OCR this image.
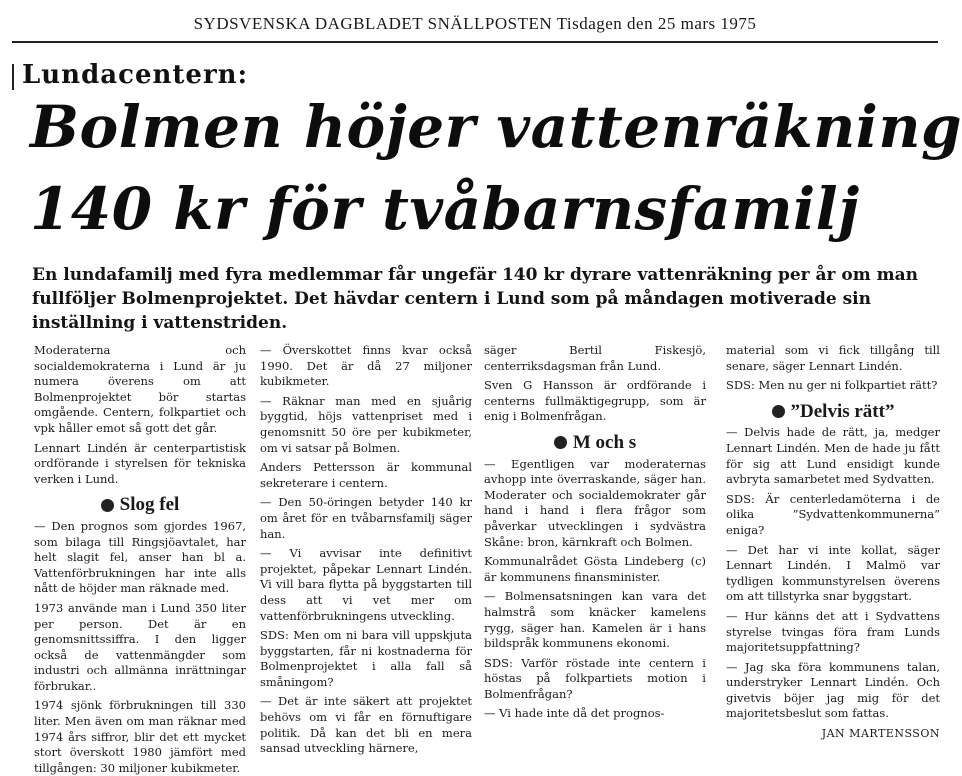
SYDSVENSKA DAGBLADET SNÄLLPOSTEN Tisdagen den 25 mars 1975
Lundacentern:
Bolmen höjer vattenräkning
140 kr för tvåbarnsfamilj
En lundafamilj med fyra medlemmar får ungefär 140 kr dyrare vattenräkning per år om man fullföljer Bolmenprojektet. Det hävdar centern i Lund som på måndagen motiverade sin inställning i vattenstriden.

Moderaterna och socialdemokraterna i Lund är ju numera överens om att Bolmenprojektet bör startas omgående. Centern, folkpartiet och vpk håller emot så gott det går.

Lennart Lindén är centerpartistisk ordförande i styrelsen för tekniska verken i Lund.

Slog fel

— Den prognos som gjordes 1967, som bilaga till Ringsjöavtalet, har helt slagit fel, anser han bl a. Vattenförbrukningen har inte alls nått de höjder man räknade med.

1973 använde man i Lund 350 liter per person. Det är en genomsnittssiffra. I den ligger också de vattenmängder som industri och allmänna inrättningar förbrukar..

1974 sjönk förbrukningen till 330 liter. Men även om man räknar med 1974 års siffror, blir det ett mycket stort överskott 1980 jämfört med tillgången: 30 miljoner kubikmeter.

— Överskottet finns kvar också 1990. Det är då 27 miljoner kubikmeter.

— Räknar man med en sjuårig byggtid, höjs vattenpriset med i genomsnitt 50 öre per kubikmeter, om vi satsar på Bolmen.

Anders Pettersson är kommunal sekreterare i centern.

— Den 50-öringen betyder 140 kr om året för en tvåbarnsfamilj säger han.

— Vi avvisar inte definitivt projektet, påpekar Lennart Lindén. Vi vill bara flytta på byggstarten till dess att vi vet mer om vattenförbrukningens utveckling.

SDS: Men om ni bara vill uppskjuta byggstarten, får ni kostnaderna för Bolmenprojektet i alla fall så småningom?

— Det är inte säkert att projektet behövs om vi får en förnuftigare politik. Då kan det bli en mera sansad utveckling härnere,

säger Bertil Fiskesjö, centerriksdagsman från Lund.

Sven G Hansson är ordförande i centerns fullmäktigegrupp, som är enig i Bolmenfrågan.

M och s

— Egentligen var moderaternas avhopp inte överraskande, säger han. Moderater och socialdemokrater går hand i hand i flera frågor som påverkar utvecklingen i sydvästra Skåne: bron, kärnkraft och Bolmen.

Kommunalrådet Gösta Lindeberg (c) är kommunens finansminister.

— Bolmensatsningen kan vara det halmstrå som knäcker kamelens rygg, säger han. Kamelen är i hans bildspråk kommunens ekonomi.

SDS: Varför röstade inte centern i höstas på folkpartiets motion i Bolmenfrågan?

— Vi hade inte då det prognos-

material som vi fick tillgång till senare, säger Lennart Lindén.

SDS: Men nu ger ni folkpartiet rätt?

”Delvis rätt”

— Delvis hade de rätt, ja, medger Lennart Lindén. Men de hade ju fått för sig att Lund ensidigt kunde avbryta samarbetet med Sydvatten.

SDS: Är centerledamöterna i de olika ”Sydvattenkommunerna” eniga?

— Det har vi inte kollat, säger Lennart Lindén. I Malmö var tydligen kommunstyrelsen överens om att tillstyrka snar byggstart.

— Hur känns det att i Sydvattens styrelse tvingas föra fram Lunds majoritetsuppfattning?

— Jag ska föra kommunens talan, understryker Lennart Lindén. Och givetvis böjer jag mig för det majoritetsbeslut som fattas.

JAN MARTENSSON
